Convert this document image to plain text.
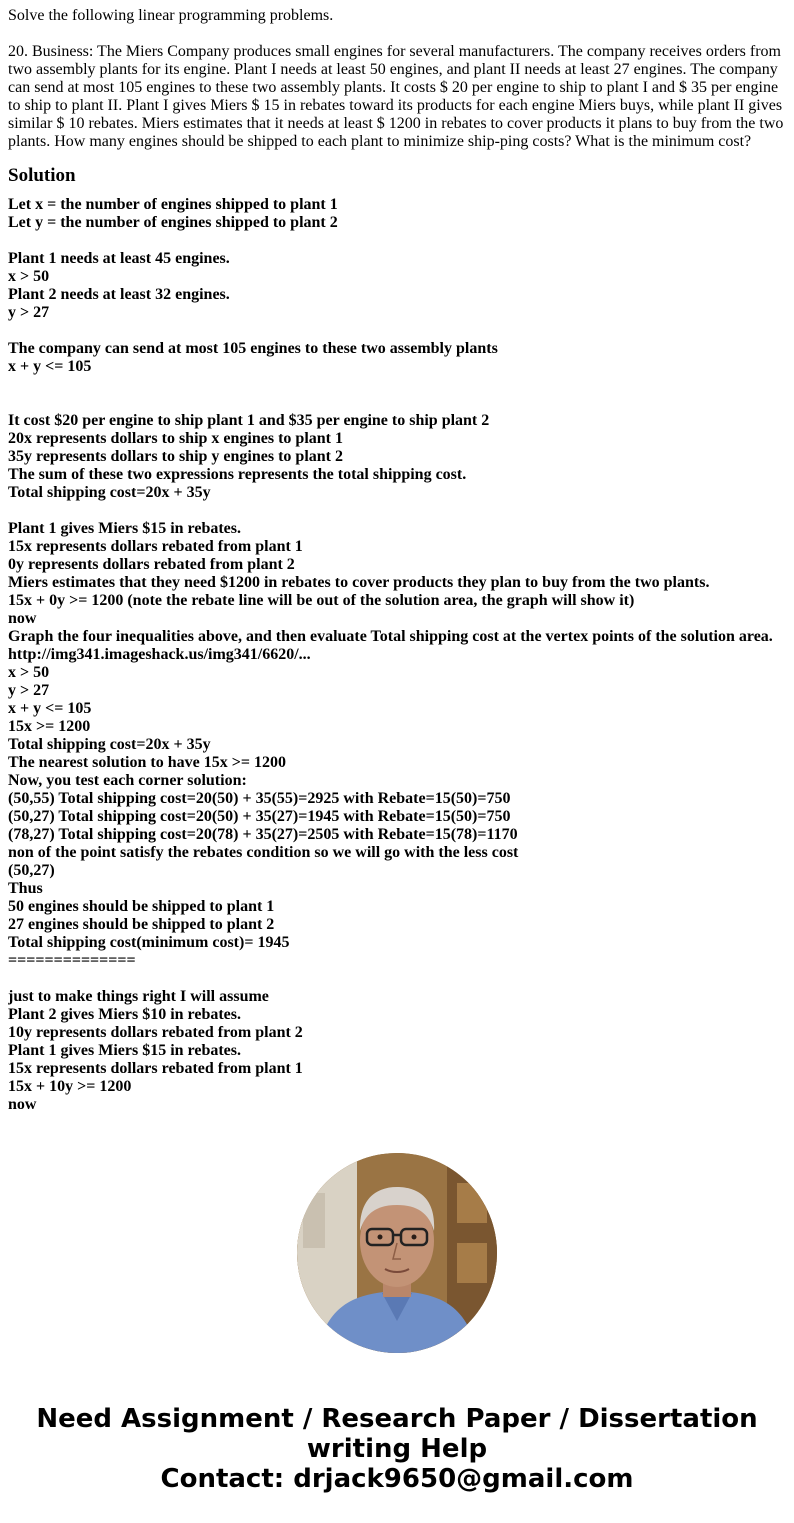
Solve the following linear programming problems.

20. Business: The Miers Company produces small engines for several manufacturers. The company receives orders from two assembly plants for its engine. Plant I needs at least 50 engines, and plant II needs at least 27 engines. The company can send at most 105 engines to these two assembly plants. It costs $ 20 per engine to ship to plant I and $ 35 per engine to ship to plant II. Plant I gives Miers $ 15 in rebates toward its products for each engine Miers buys, while plant II gives similar $ 10 rebates. Miers estimates that it needs at least $ 1200 in rebates to cover products it plans to buy from the two plants. How many engines should be shipped to each plant to minimize ship-ping costs? What is the minimum cost?

Solution
Let x = the number of engines shipped to plant 1
Let y = the number of engines shipped to plant 2
Plant 1 needs at least 45 engines.
x > 50
Plant 2 needs at least 32 engines.
y > 27
The company can send at most 105 engines to these two assembly plants
x + y <= 105
It cost $20 per engine to ship plant 1 and $35 per engine to ship plant 2
20x represents dollars to ship x engines to plant 1
35y represents dollars to ship y engines to plant 2
The sum of these two expressions represents the total shipping cost.
Total shipping cost=20x + 35y
Plant 1 gives Miers $15 in rebates.
15x represents dollars rebated from plant 1
0y represents dollars rebated from plant 2
Miers estimates that they need $1200 in rebates to cover products they plan to buy from the two plants.
15x + 0y >= 1200 (note the rebate line will be out of the solution area, the graph will show it)
now
Graph the four inequalities above, and then evaluate Total shipping cost at the vertex points of the solution area.
http://img341.imageshack.us/img341/6620/...
x > 50
y > 27
x + y <= 105
15x >= 1200
Total shipping cost=20x + 35y
The nearest solution to have 15x >= 1200
Now, you test each corner solution:
(50,55) Total shipping cost=20(50) + 35(55)=2925 with Rebate=15(50)=750
(50,27) Total shipping cost=20(50) + 35(27)=1945 with Rebate=15(50)=750
(78,27) Total shipping cost=20(78) + 35(27)=2505 with Rebate=15(78)=1170
non of the point satisfy the rebates condition so we will go with the less cost
(50,27)
Thus
50 engines should be shipped to plant 1
27 engines should be shipped to plant 2
Total shipping cost(minimum cost)= 1945
==============
just to make things right I will assume
Plant 2 gives Miers $10 in rebates.
10y represents dollars rebated from plant 2
Plant 1 gives Miers $15 in rebates.
15x represents dollars rebated from plant 1
15x + 10y >= 1200
now
Need Assignment / Research Paper / Dissertation
writing Help
Contact: drjack9650@gmail.com
